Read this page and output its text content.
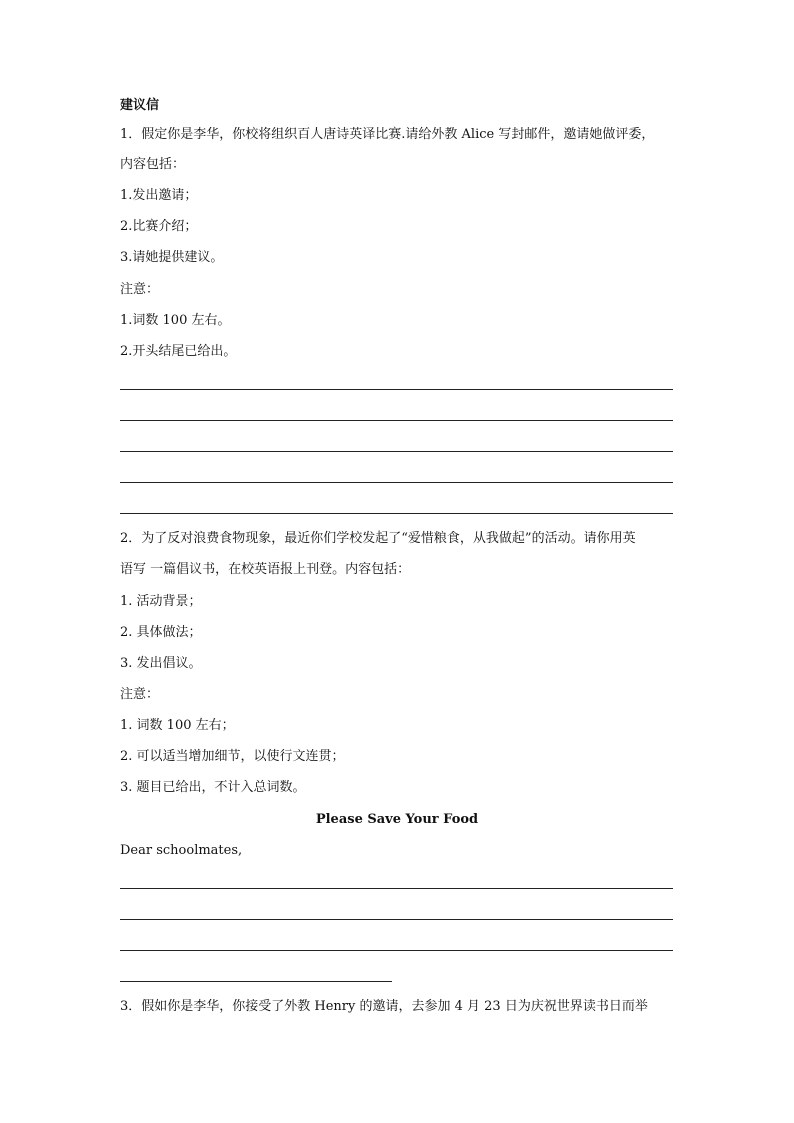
建议信
1．假定你是李华，你校将组织百人唐诗英译比赛.请给外教 Alice 写封邮件，邀请她做评委，
内容包括：
1.发出邀请；
2.比赛介绍；
3.请她提供建议。
注意：
1.词数 100 左右。
2.开头结尾已给出。
2．为了反对浪费食物现象，最近你们学校发起了“爱惜粮食，从我做起”的活动。请你用英
语写 一篇倡议书，在校英语报上刊登。内容包括：
1. 活动背景；
2. 具体做法；
3. 发出倡议。
注意：
1. 词数 100 左右；
2. 可以适当增加细节，以使行文连贯；
3. 题目已给出，不计入总词数。
Please Save Your Food
Dear schoolmates,
3．假如你是李华，你接受了外教 Henry 的邀请，去参加 4 月 23 日为庆祝世界读书日而举
